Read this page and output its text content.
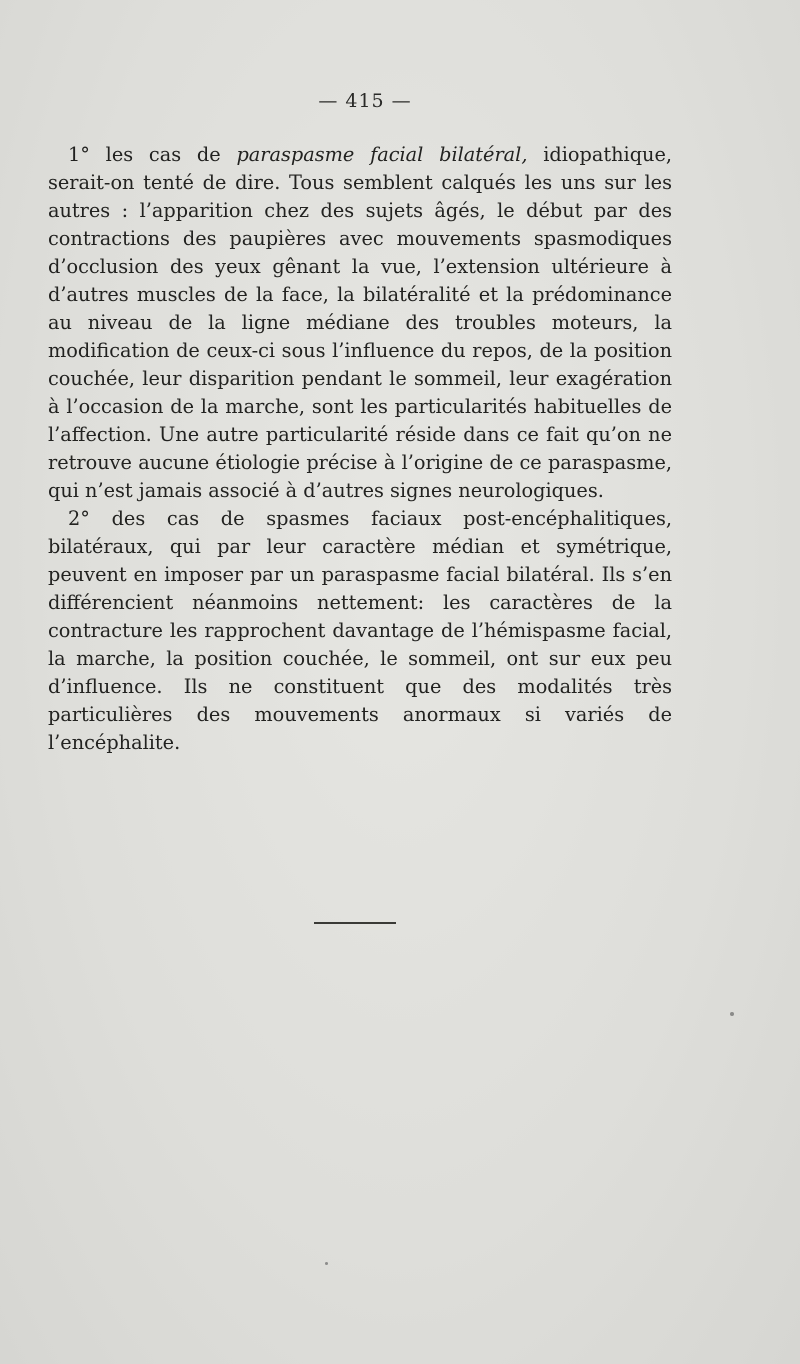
— 415 —

1° les cas de paraspasme facial bilatéral, idiopathique, serait-on tenté de dire. Tous semblent calqués les uns sur les autres : l’apparition chez des sujets âgés, le début par des contractions des paupières avec mouvements spasmodiques d’occlusion des yeux gênant la vue, l’extension ultérieure à d’autres muscles de la face, la bilatéralité et la prédominance au niveau de la ligne médiane des troubles moteurs, la modification de ceux-ci sous l’influence du repos, de la position couchée, leur disparition pendant le sommeil, leur exagération à l’occasion de la marche, sont les particularités habituelles de l’affection. Une autre particularité réside dans ce fait qu’on ne retrouve aucune étiologie précise à l’origine de ce paraspasme, qui n’est jamais associé à d’autres signes neurologiques.

2° des cas de spasmes faciaux post-encéphalitiques, bilatéraux, qui par leur caractère médian et symétrique, peuvent en imposer par un paraspasme facial bilatéral. Ils s’en différencient néanmoins nettement: les caractères de la contracture les rapprochent davantage de l’hémispasme facial, la marche, la position couchée, le sommeil, ont sur eux peu d’influence. Ils ne constituent que des modalités très particulières des mouvements anormaux si variés de l’encéphalite.
